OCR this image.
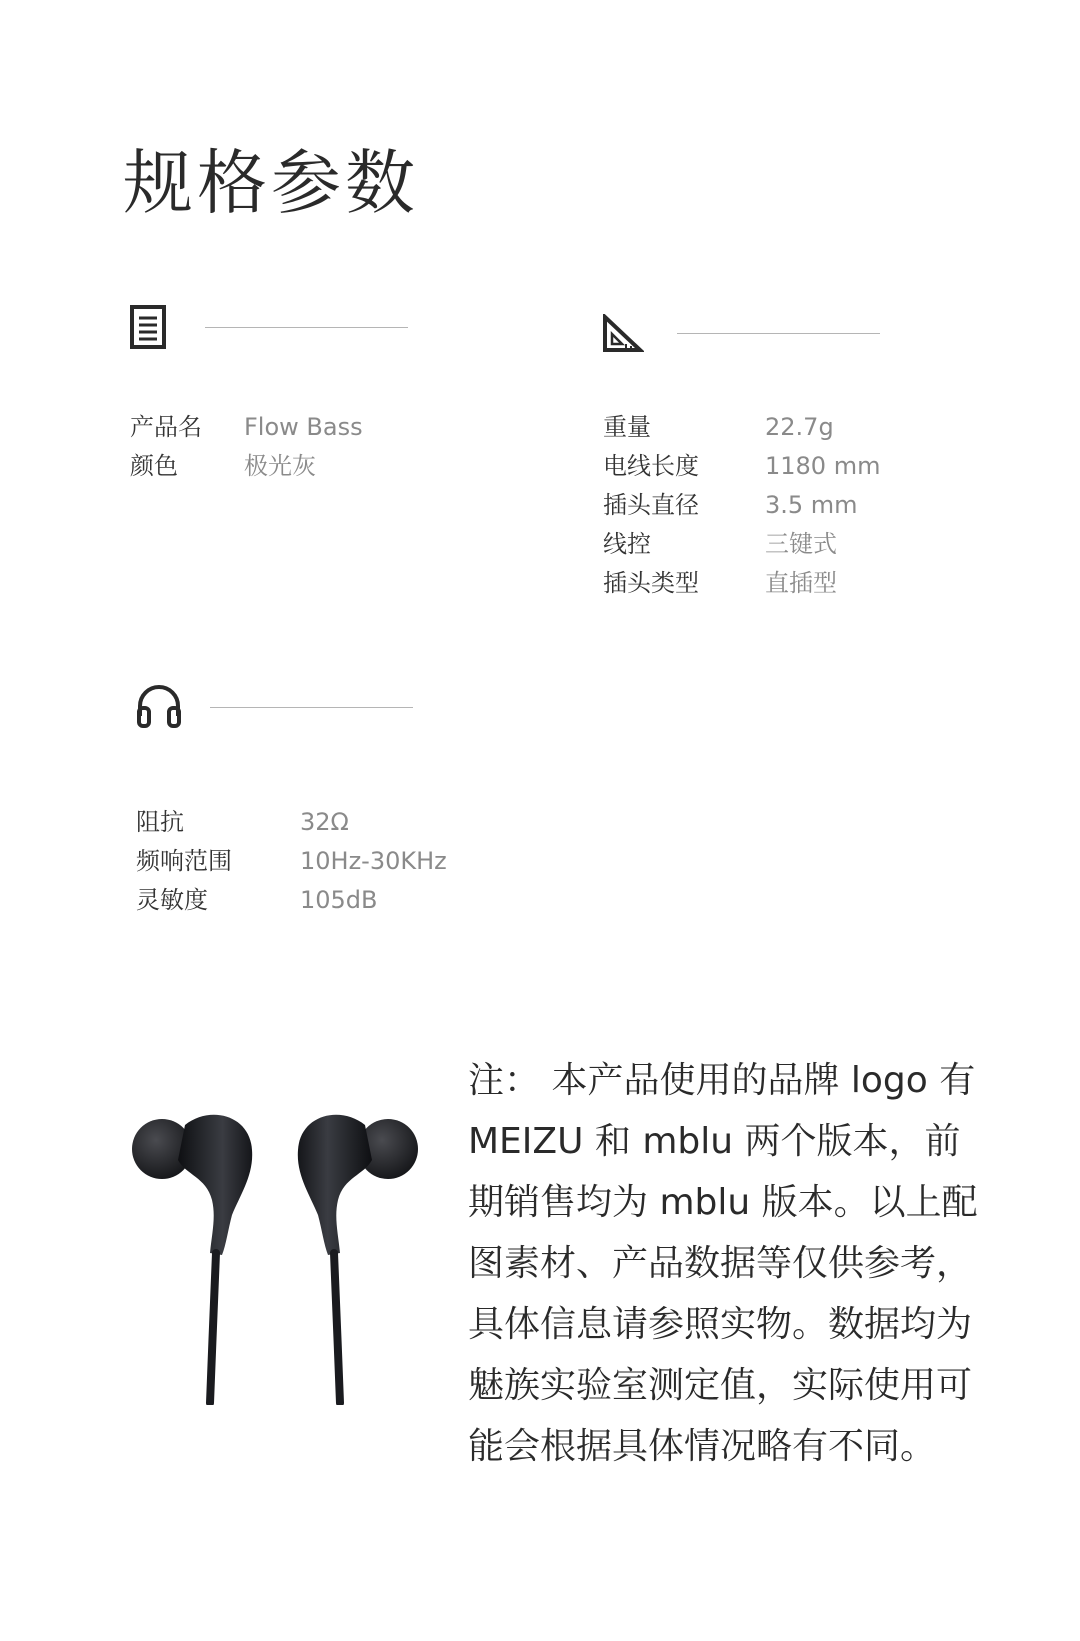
规格参数
产品名	Flow Bass
颜色	极光灰
重量	22.7g
电线长度	1180 mm
插头直径	3.5 mm
线控	三键式
插头类型	直插型
阻抗	32Ω
频响范围	10Hz-30KHz
灵敏度	105dB

注： 本产品使用的品牌 logo 有 MEIZU 和 mblu 两个版本，前期销售均为 mblu 版本。以上配图素材、产品数据等仅供参考，具体信息请参照实物。数据均为魅族实验室测定值，实际使用可能会根据具体情况略有不同。
